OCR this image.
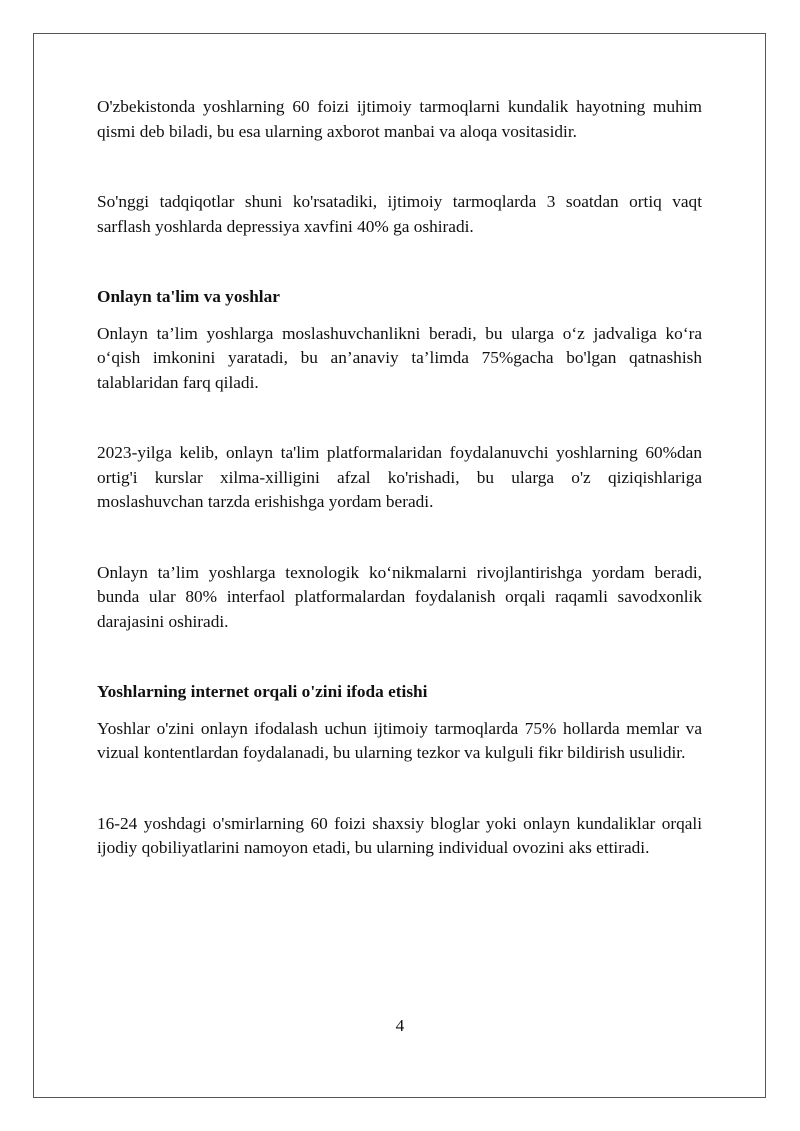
O'zbekistonda yoshlarning 60 foizi ijtimoiy tarmoqlarni kundalik hayotning muhim qismi deb biladi, bu esa ularning axborot manbai va aloqa vositasidir.

So'nggi tadqiqotlar shuni ko'rsatadiki, ijtimoiy tarmoqlarda 3 soatdan ortiq vaqt sarflash yoshlarda depressiya xavfini 40% ga oshiradi.

Onlayn ta'lim va yoshlar

Onlayn ta’lim yoshlarga moslashuvchanlikni beradi, bu ularga o‘z jadvaliga ko‘ra o‘qish imkonini yaratadi, bu an’anaviy ta’limda 75%gacha bo'lgan qatnashish talablaridan farq qiladi.

2023-yilga kelib, onlayn ta'lim platformalaridan foydalanuvchi yoshlarning 60%dan ortig'i kurslar xilma-xilligini afzal ko'rishadi, bu ularga o'z qiziqishlariga moslashuvchan tarzda erishishga yordam beradi.

Onlayn ta’lim yoshlarga texnologik ko‘nikmalarni rivojlantirishga yordam beradi, bunda ular 80% interfaol platformalardan foydalanish orqali raqamli savodxonlik darajasini oshiradi.

Yoshlarning internet orqali o'zini ifoda etishi

Yoshlar o'zini onlayn ifodalash uchun ijtimoiy tarmoqlarda 75% hollarda memlar va vizual kontentlardan foydalanadi, bu ularning tezkor va kulguli fikr bildirish usulidir.

16-24 yoshdagi o'smirlarning 60 foizi shaxsiy bloglar yoki onlayn kundaliklar orqali ijodiy qobiliyatlarini namoyon etadi, bu ularning individual ovozini aks ettiradi.

4
